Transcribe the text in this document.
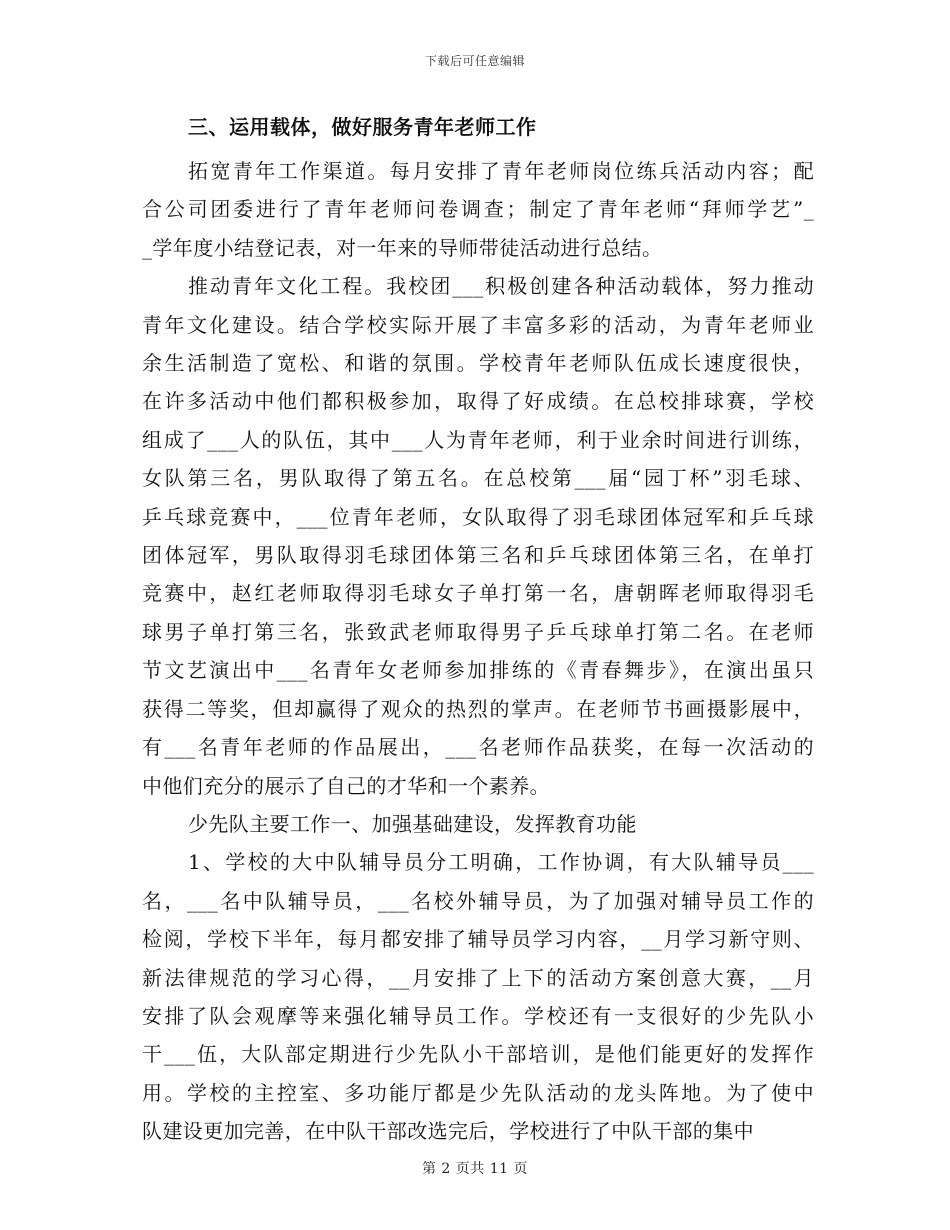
下载后可任意编辑
三、运用载体，做好服务青年老师工作

拓宽青年工作渠道。每月安排了青年老师岗位练兵活动内容；配
合公司团委进行了青年老师问卷调查；制定了青年老师“拜师学艺”_
_学年度小结登记表，对一年来的导师带徒活动进行总结。

推动青年文化工程。我校团___积极创建各种活动载体，努力推动
青年文化建设。结合学校实际开展了丰富多彩的活动，为青年老师业
余生活制造了宽松、和谐的氛围。学校青年老师队伍成长速度很快，
在许多活动中他们都积极参加，取得了好成绩。在总校排球赛，学校
组成了___人的队伍，其中___人为青年老师，利于业余时间进行训练，
女队第三名，男队取得了第五名。在总校第___届“园丁杯”羽毛球、
乒乓球竞赛中，___位青年老师，女队取得了羽毛球团体冠军和乒乓球
团体冠军，男队取得羽毛球团体第三名和乒乓球团体第三名，在单打
竞赛中，赵红老师取得羽毛球女子单打第一名，唐朝晖老师取得羽毛
球男子单打第三名，张致武老师取得男子乒乓球单打第二名。在老师
节文艺演出中___名青年女老师参加排练的《青春舞步》，在演出虽只
获得二等奖，但却赢得了观众的热烈的掌声。在老师节书画摄影展中，
有___名青年老师的作品展出，___名老师作品获奖，在每一次活动的
中他们充分的展示了自己的才华和一个素养。

少先队主要工作一、加强基础建设，发挥教育功能

1、学校的大中队辅导员分工明确，工作协调，有大队辅导员___
名，___名中队辅导员，___名校外辅导员，为了加强对辅导员工作的
检阅，学校下半年，每月都安排了辅导员学习内容，__月学习新守则、
新法律规范的学习心得，__月安排了上下的活动方案创意大赛，__月
安排了队会观摩等来强化辅导员工作。学校还有一支很好的少先队小
干___伍，大队部定期进行少先队小干部培训，是他们能更好的发挥作
用。学校的主控室、多功能厅都是少先队活动的龙头阵地。为了使中
队建设更加完善，在中队干部改选完后，学校进行了中队干部的集中

第 2 页共 11 页
